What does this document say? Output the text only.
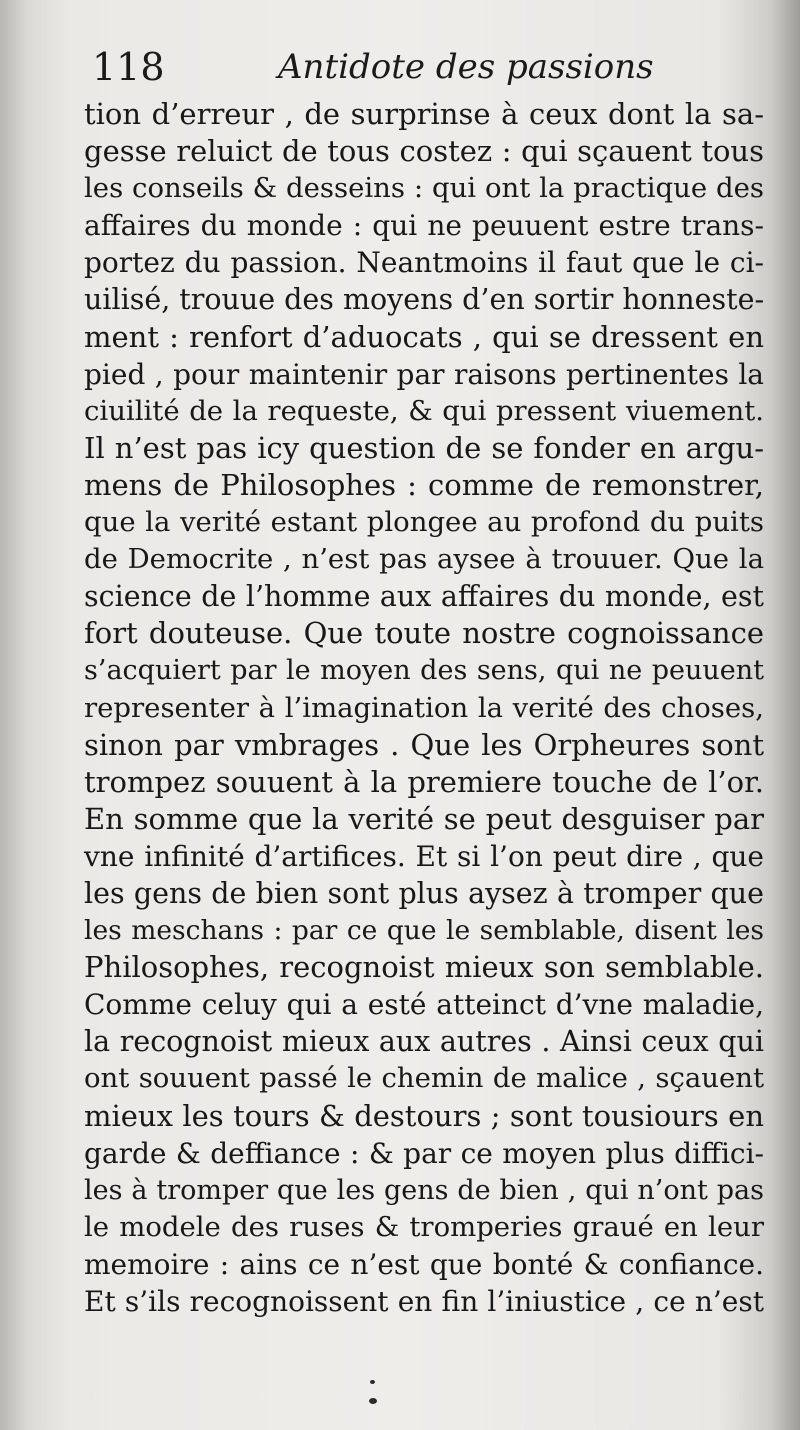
118	Antidote des passions
tion d’erreur , de surprinse à ceux dont la sa-
gesse reluict de tous costez : qui sçauent tous
les conseils & desseins : qui ont la practique des
affaires du monde : qui ne peuuent estre trans-
portez du passion. Neantmoins il faut que le ci-
uilisé, trouue des moyens d’en sortir honneste-
ment : renfort d’aduocats , qui se dressent en
pied , pour maintenir par raisons pertinentes la
ciuilité de la requeste, & qui pressent viuement.
Il n’est pas icy question de se fonder en argu-
mens de Philosophes : comme de remonstrer,
que la verité estant plongee au profond du puits
de Democrite , n’est pas aysee à trouuer. Que la
science de l’homme aux affaires du monde, est
fort douteuse. Que toute nostre cognoissance
s’acquiert par le moyen des sens, qui ne peuuent
representer à l’imagination la verité des choses,
sinon par vmbrages . Que les Orpheures sont
trompez souuent à la premiere touche de l’or.
En somme que la verité se peut desguiser par
vne infinité d’artifices. Et si l’on peut dire , que
les gens de bien sont plus aysez à tromper que
les meschans : par ce que le semblable, disent les
Philosophes, recognoist mieux son semblable.
Comme celuy qui a esté atteinct d’vne maladie,
la recognoist mieux aux autres . Ainsi ceux qui
ont souuent passé le chemin de malice , sçauent
mieux les tours & destours ; sont tousiours en
garde & deffiance : & par ce moyen plus diffici-
les à tromper que les gens de bien , qui n’ont pas
le modele des ruses & tromperies graué en leur
memoire : ains ce n’est que bonté & confiance.
Et s’ils recognoissent en fin l’iniustice , ce n’est
